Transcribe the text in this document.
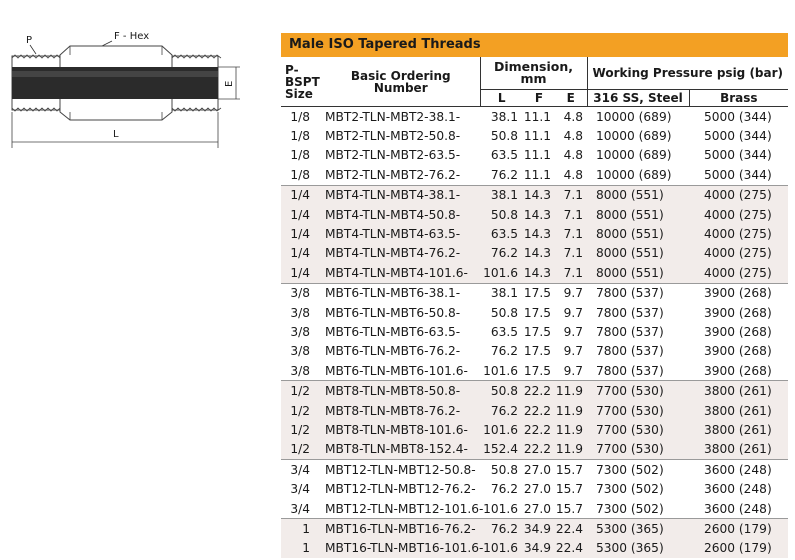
P	F - Hex
E
L
Male ISO Tapered Threads
P-BSPT Size	Basic Ordering Number	Dimension, mm			Working Pressure psig (bar)	
		L	F	E	316 SS, Steel	Brass
1/8	MBT2-TLN-MBT2-38.1-	38.1	11.1	4.8	10000 (689)	5000 (344)
1/8	MBT2-TLN-MBT2-50.8-	50.8	11.1	4.8	10000 (689)	5000 (344)
1/8	MBT2-TLN-MBT2-63.5-	63.5	11.1	4.8	10000 (689)	5000 (344)
1/8	MBT2-TLN-MBT2-76.2-	76.2	11.1	4.8	10000 (689)	5000 (344)
1/4	MBT4-TLN-MBT4-38.1-	38.1	14.3	7.1	8000 (551)	4000 (275)
1/4	MBT4-TLN-MBT4-50.8-	50.8	14.3	7.1	8000 (551)	4000 (275)
1/4	MBT4-TLN-MBT4-63.5-	63.5	14.3	7.1	8000 (551)	4000 (275)
1/4	MBT4-TLN-MBT4-76.2-	76.2	14.3	7.1	8000 (551)	4000 (275)
1/4	MBT4-TLN-MBT4-101.6-	101.6	14.3	7.1	8000 (551)	4000 (275)
3/8	MBT6-TLN-MBT6-38.1-	38.1	17.5	9.7	7800 (537)	3900 (268)
3/8	MBT6-TLN-MBT6-50.8-	50.8	17.5	9.7	7800 (537)	3900 (268)
3/8	MBT6-TLN-MBT6-63.5-	63.5	17.5	9.7	7800 (537)	3900 (268)
3/8	MBT6-TLN-MBT6-76.2-	76.2	17.5	9.7	7800 (537)	3900 (268)
3/8	MBT6-TLN-MBT6-101.6-	101.6	17.5	9.7	7800 (537)	3900 (268)
1/2	MBT8-TLN-MBT8-50.8-	50.8	22.2	11.9	7700 (530)	3800 (261)
1/2	MBT8-TLN-MBT8-76.2-	76.2	22.2	11.9	7700 (530)	3800 (261)
1/2	MBT8-TLN-MBT8-101.6-	101.6	22.2	11.9	7700 (530)	3800 (261)
1/2	MBT8-TLN-MBT8-152.4-	152.4	22.2	11.9	7700 (530)	3800 (261)
3/4	MBT12-TLN-MBT12-50.8-	50.8	27.0	15.7	7300 (502)	3600 (248)
3/4	MBT12-TLN-MBT12-76.2-	76.2	27.0	15.7	7300 (502)	3600 (248)
3/4	MBT12-TLN-MBT12-101.6-	101.6	27.0	15.7	7300 (502)	3600 (248)
1	MBT16-TLN-MBT16-76.2-	76.2	34.9	22.4	5300 (365)	2600 (179)
1	MBT16-TLN-MBT16-101.6-	101.6	34.9	22.4	5300 (365)	2600 (179)
